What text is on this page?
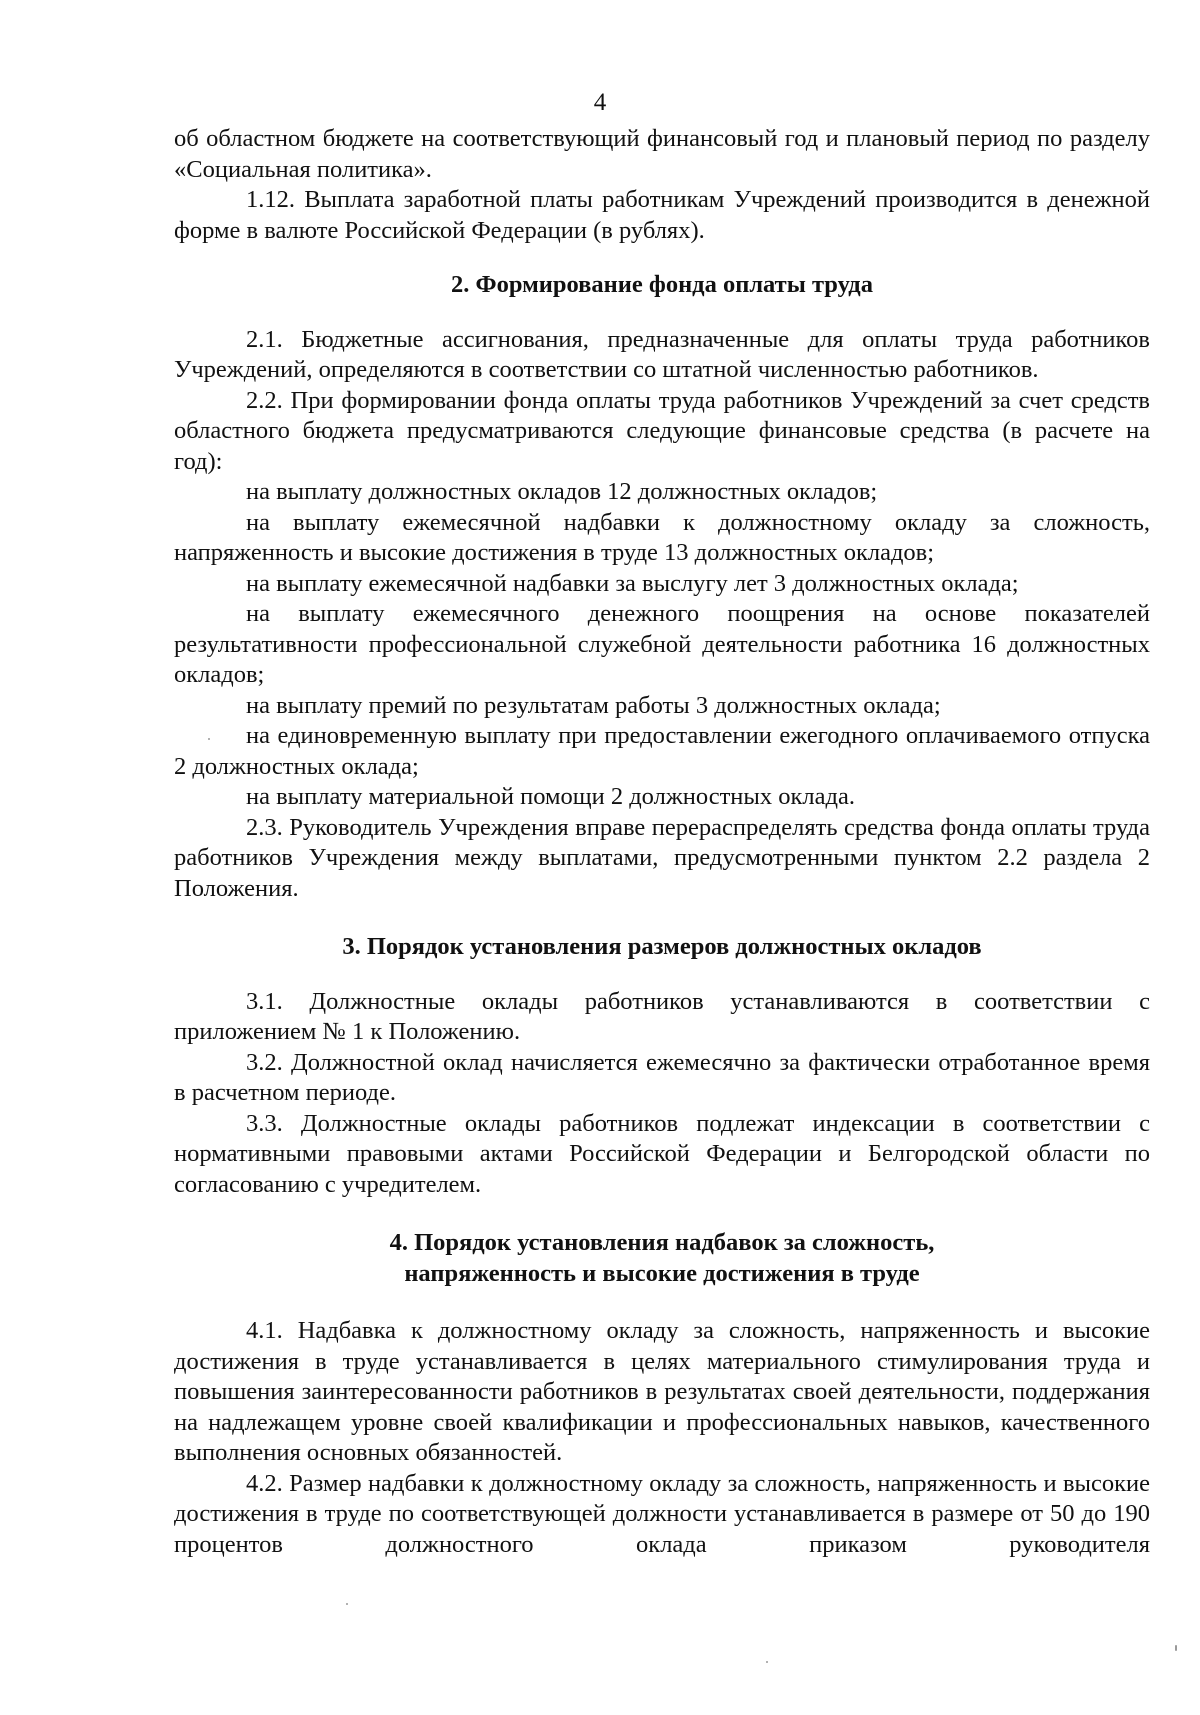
4

об областном бюджете на соответствующий финансовый год и плановый период по разделу «Социальная политика».

1.12. Выплата заработной платы работникам Учреждений производится в денежной форме в валюте Российской Федерации (в рублях).

2. Формирование фонда оплаты труда

2.1. Бюджетные ассигнования, предназначенные для оплаты труда работников Учреждений, определяются в соответствии со штатной численностью работников.

2.2. При формировании фонда оплаты труда работников Учреждений за счет средств областного бюджета предусматриваются следующие финансовые средства (в расчете на год):

на выплату должностных окладов 12 должностных окладов;

на выплату ежемесячной надбавки к должностному окладу за сложность, напряженность и высокие достижения в труде 13 должностных окладов;

на выплату ежемесячной надбавки за выслугу лет 3 должностных оклада;

на выплату ежемесячного денежного поощрения на основе показателей результативности профессиональной служебной деятельности работника 16 должностных окладов;

на выплату премий по результатам работы 3 должностных оклада;

на единовременную выплату при предоставлении ежегодного оплачиваемого отпуска 2 должностных оклада;

на выплату материальной помощи 2 должностных оклада.

2.3. Руководитель Учреждения вправе перераспределять средства фонда оплаты труда работников Учреждения между выплатами, предусмотренными пунктом 2.2 раздела 2 Положения.

3. Порядок установления размеров должностных окладов

3.1. Должностные оклады работников устанавливаются в соответствии с приложением № 1 к Положению.

3.2. Должностной оклад начисляется ежемесячно за фактически отработанное время в расчетном периоде.

3.3. Должностные оклады работников подлежат индексации в соответствии с нормативными правовыми актами Российской Федерации и Белгородской области по согласованию с учредителем.

4. Порядок установления надбавок за сложность,
напряженность и высокие достижения в труде

4.1. Надбавка к должностному окладу за сложность, напряженность и высокие достижения в труде устанавливается в целях материального стимулирования труда и повышения заинтересованности работников в результатах своей деятельности, поддержания на надлежащем уровне своей квалификации и профессиональных навыков, качественного выполнения основных обязанностей.

4.2. Размер надбавки к должностному окладу за сложность, напряженность и высокие достижения в труде по соответствующей должности устанавливается в размере от 50 до 190 процентов должностного оклада приказом руководителя
